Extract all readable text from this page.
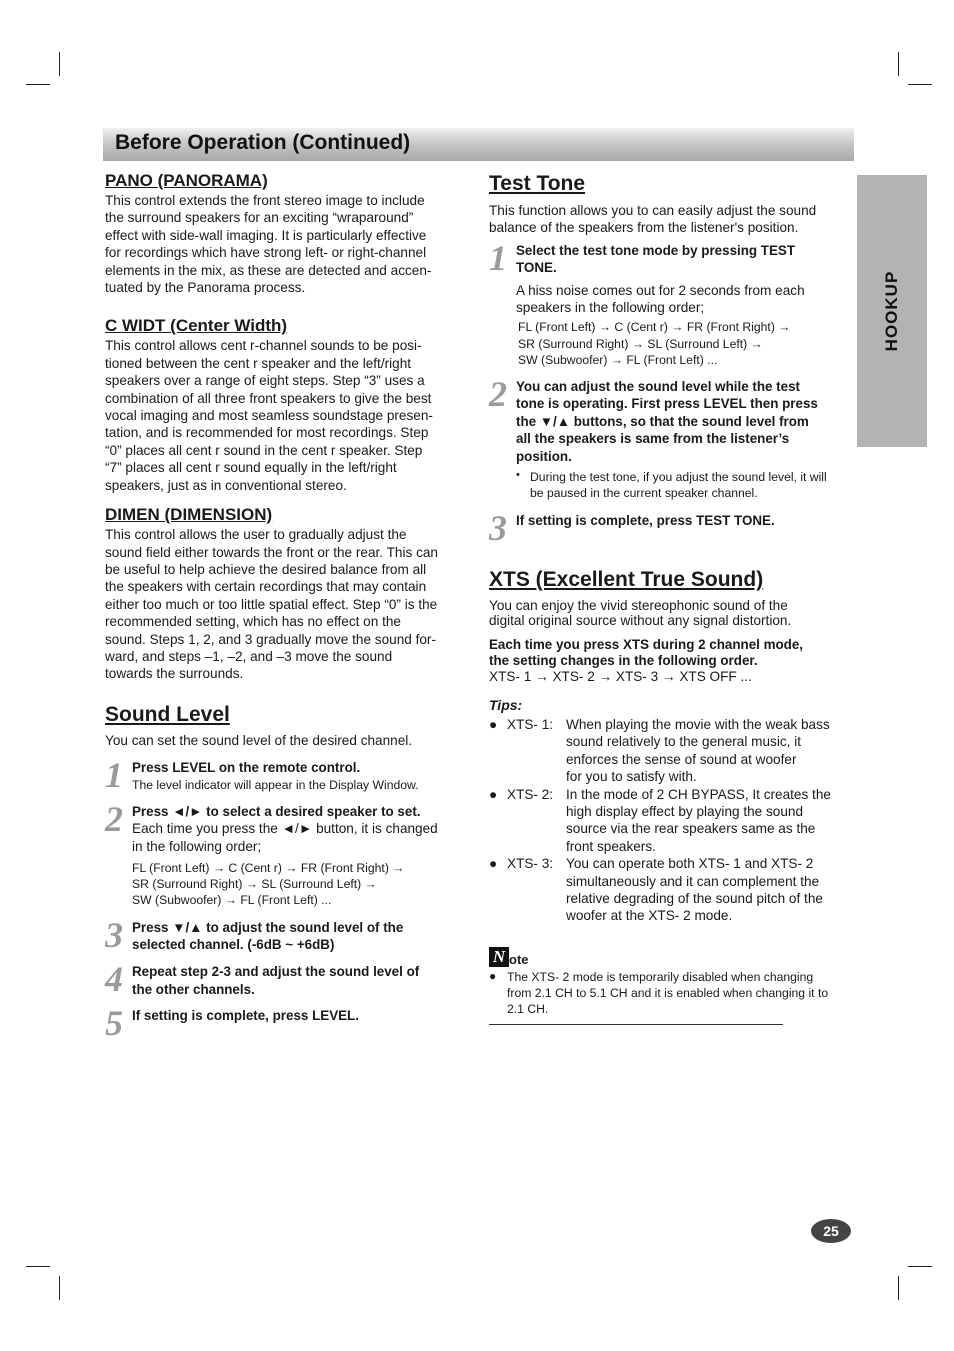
Before Operation (Continued)
HOOKUP
PANO (PANORAMA)

This control extends the front stereo image to include

the surround speakers for an exciting “wraparound”

effect with side-wall imaging. It is particularly effective

for recordings which have strong left- or right-channel

elements in the mix, as these are detected and accen-

tuated by the Panorama process.

C WIDT (Center Width)

This control allows cent r-channel sounds to be posi-

tioned between the cent r speaker and the left/right

speakers over a range of eight steps. Step “3” uses a

combination of all three front speakers to give the best

vocal imaging and most seamless soundstage presen-

tation, and is recommended for most recordings. Step

“0” places all cent r sound in the cent r speaker. Step

“7” places all cent r sound equally in the left/right

speakers, just as in conventional stereo.

DIMEN (DIMENSION)

This control allows the user to gradually adjust the

sound field either towards the front or the rear. This can

be useful to help achieve the desired balance from all

the speakers with certain recordings that may contain

either too much or too little spatial effect. Step “0” is the

recommended setting, which has no effect on the

sound. Steps 1, 2, and 3 gradually move the sound for-

ward, and steps –1, –2, and –3 move the sound

towards the surrounds.

Sound Level

You can set the sound level of the desired channel.

1 Press LEVEL on the remote control.

The level indicator will appear in the Display Window.

2 Press ◄/► to select a desired speaker to set.

Each time you press the ◄/► button, it is changed

in the following order;

FL (Front Left) → C (Cent r) → FR (Front Right) →

SR (Surround Right) → SL (Surround Left) →

SW (Subwoofer) → FL (Front Left) ...

3 Press ▼/▲ to adjust the sound level of the

selected channel. (-6dB ~ +6dB)

4 Repeat step 2-3 and adjust the sound level of

the other channels.

5 If setting is complete, press LEVEL.

Test Tone

This function allows you to can easily adjust the sound

balance of the speakers from the listener's position.

1 Select the test tone mode by pressing TEST

TONE.

A hiss noise comes out for 2 seconds from each

speakers in the following order;

FL (Front Left) → C (Cent r) → FR (Front Right) →

SR (Surround Right) → SL (Surround Left) →

SW (Subwoofer) → FL (Front Left) ...

2 You can adjust the sound level while the test

tone is operating. First press LEVEL then press

the ▼/▲ buttons, so that the sound level from

all the speakers is same from the listener’s

position.

• During the test tone, if you adjust the sound level, it will

be paused in the current speaker channel.

3 If setting is complete, press TEST TONE.

XTS (Excellent True Sound)

You can enjoy the vivid stereophonic sound of the

digital original source without any signal distortion.

Each time you press XTS during 2 channel mode,

the setting changes in the following order.

XTS- 1 → XTS- 2 → XTS- 3 → XTS OFF ...

Tips:

● XTS- 1: When playing the movie with the weak bass
sound relatively to the general music, it
enforces the sense of sound at woofer
for you to satisfy with.
● XTS- 2: In the mode of 2 CH BYPASS, It creates the
high display effect by playing the sound
source via the rear speakers same as the
front speakers.
● XTS- 3: You can operate both XTS- 1 and XTS- 2
simultaneously and it can complement the
relative degrading of the sound pitch of the
woofer at the XTS- 2 mode.
N ote
● The XTS- 2 mode is temporarily disabled when changing

from 2.1 CH to 5.1 CH and it is enabled when changing it to

2.1 CH.

25
